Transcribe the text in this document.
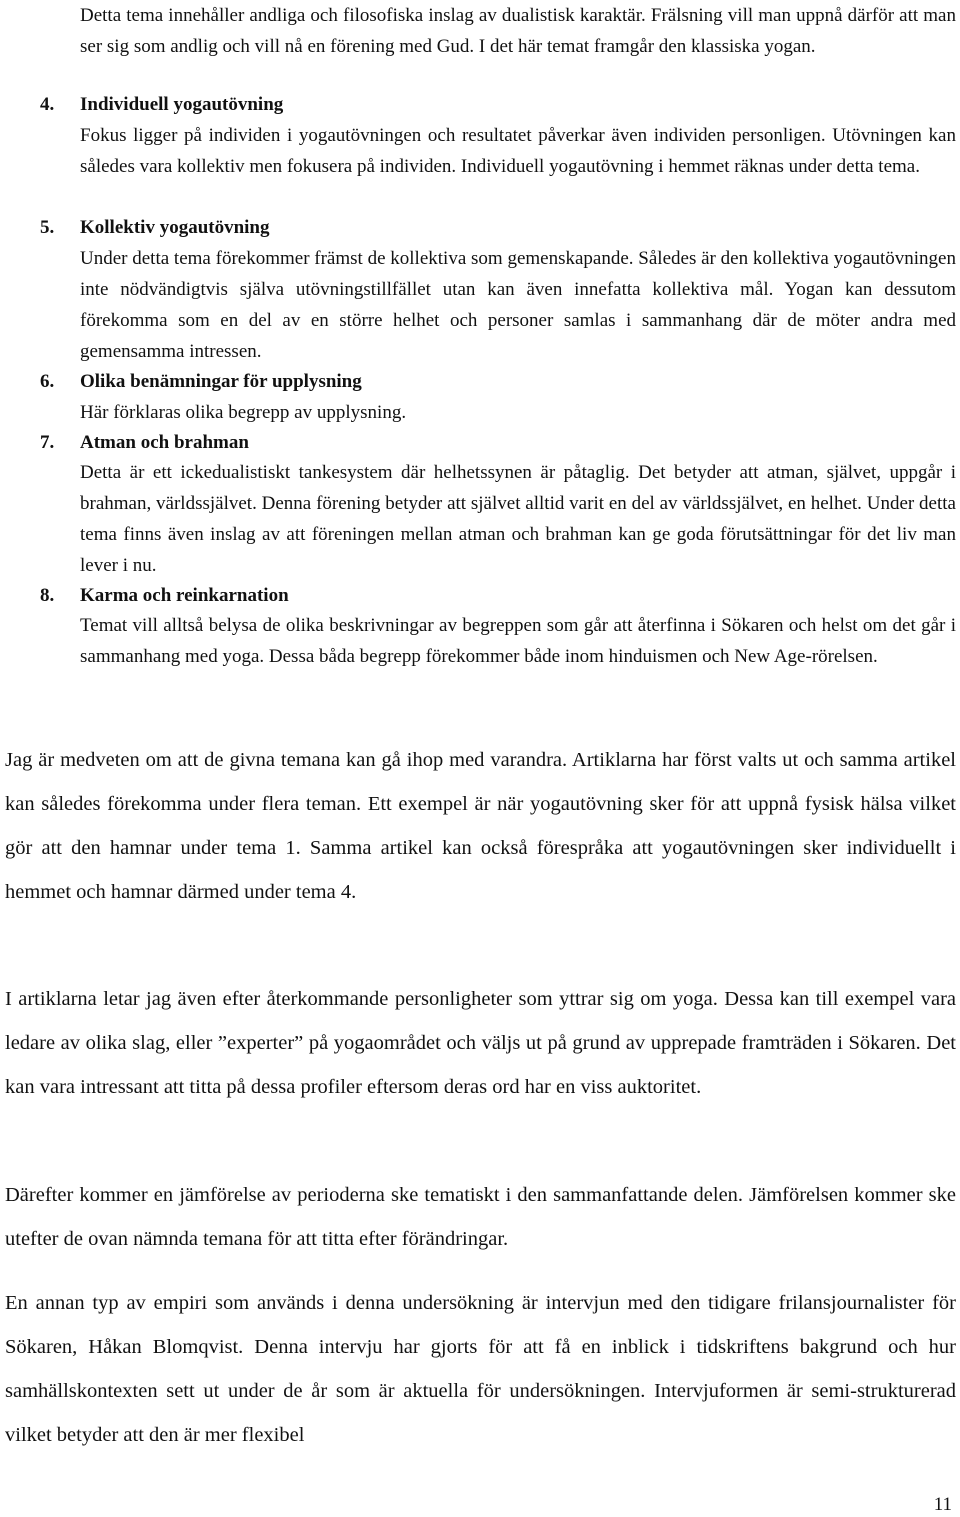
Detta tema innehåller andliga och filosofiska inslag av dualistisk karaktär. Frälsning vill man uppnå därför att man ser sig som andlig och vill nå en förening med Gud. I det här temat framgår den klassiska yogan.

4. Individuell yogautövning

Fokus ligger på individen i yogautövningen och resultatet påverkar även individen personligen. Utövningen kan således vara kollektiv men fokusera på individen. Individuell yogautövning i hemmet räknas under detta tema.

5. Kollektiv yogautövning

Under detta tema förekommer främst de kollektiva som gemenskapande. Således är den kollektiva yogautövningen inte nödvändigtvis själva utövningstillfället utan kan även innefatta kollektiva mål. Yogan kan dessutom förekomma som en del av en större helhet och personer samlas i sammanhang där de möter andra med gemensamma intressen.

6. Olika benämningar för upplysning

Här förklaras olika begrepp av upplysning.

7. Atman och brahman

Detta är ett ickedualistiskt tankesystem där helhetssynen är påtaglig. Det betyder att atman, självet, uppgår i brahman, världssjälvet. Denna förening betyder att självet alltid varit en del av världssjälvet, en helhet. Under detta tema finns även inslag av att föreningen mellan atman och brahman kan ge goda förutsättningar för det liv man lever i nu.

8. Karma och reinkarnation

Temat vill alltså belysa de olika beskrivningar av begreppen som går att återfinna i Sökaren och helst om det går i sammanhang med yoga. Dessa båda begrepp förekommer både inom hinduismen och New Age-rörelsen.

Jag är medveten om att de givna temana kan gå ihop med varandra. Artiklarna har först valts ut och samma artikel kan således förekomma under flera teman. Ett exempel är när yogautövning sker för att uppnå fysisk hälsa vilket gör att den hamnar under tema 1. Samma artikel kan också förespråka att yogautövningen sker individuellt i hemmet och hamnar därmed under tema 4.

I artiklarna letar jag även efter återkommande personligheter som yttrar sig om yoga. Dessa kan till exempel vara ledare av olika slag, eller ”experter” på yogaområdet och väljs ut på grund av upprepade framträden i Sökaren. Det kan vara intressant att titta på dessa profiler eftersom deras ord har en viss auktoritet.

Därefter kommer en jämförelse av perioderna ske tematiskt i den sammanfattande delen. Jämförelsen kommer ske utefter de ovan nämnda temana för att titta efter förändringar.

En annan typ av empiri som används i denna undersökning är intervjun med den tidigare frilansjournalister för Sökaren, Håkan Blomqvist. Denna intervju har gjorts för att få en inblick i tidskriftens bakgrund och hur samhällskontexten sett ut under de år som är aktuella för undersökningen. Intervjuformen är semi-strukturerad vilket betyder att den är mer flexibel

11
